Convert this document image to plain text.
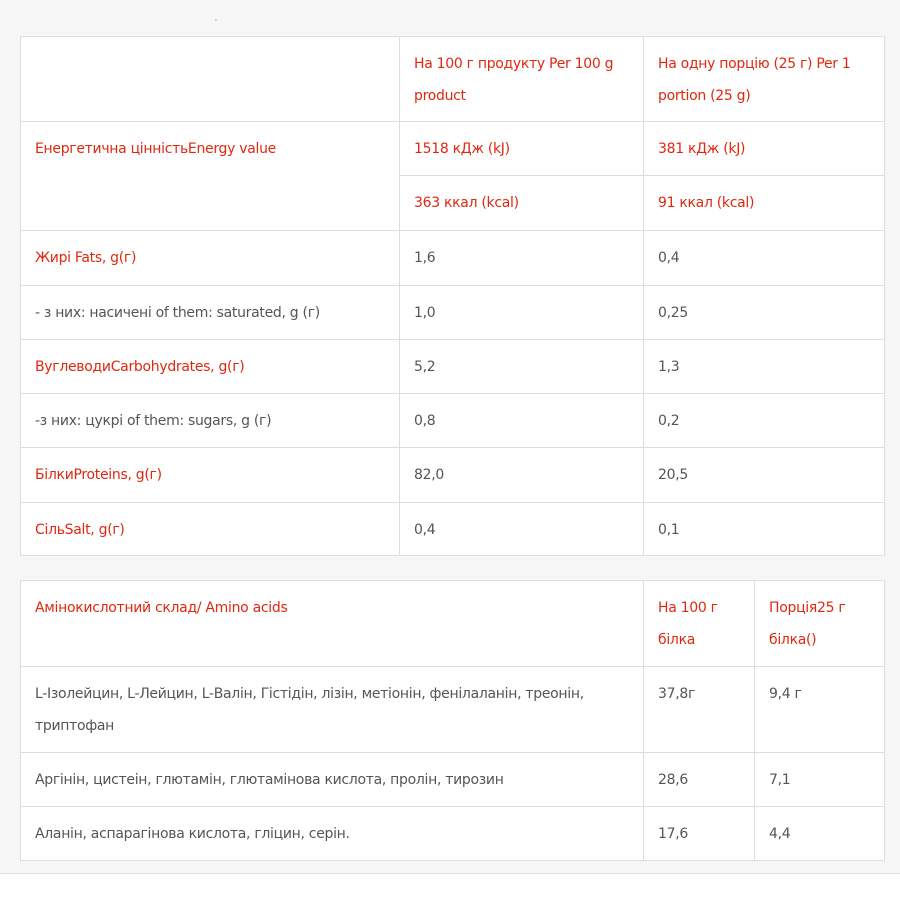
·
	На 100 г продукту Per 100 g product	На одну порцію (25 г) Per 1 portion (25 g)
Енергетична цінністьEnergy value	1518 кДж (kJ)	381 кДж (kJ)
	363 ккал (kcal)	91 ккал (kcal)
Жирі Fats, g(г)	1,6	0,4
- з них: насичені of them: saturated, g (г)	1,0	0,25
ВуглеводиCarbohydrates, g(г)	5,2	1,3
-з них: цукрі of them: sugars, g (г)	0,8	0,2
БілкиProteins, g(г)	82,0	20,5
СільSalt, g(г)	0,4	0,1
Амінокислотний склад/ Amino acids	На 100 г білка	Порція25 г білка()
L-Ізолейцин, L-Лейцин, L-Валін, Гістідін, лізін, метіонін, фенілаланін, треонін, триптофан	37,8г	9,4 г
Аргінін, цистеін, глютамін, глютамінова кислота, пролін, тирозин	28,6	7,1
Аланін, аспарагінова кислота, гліцин, серін.	17,6	4,4
